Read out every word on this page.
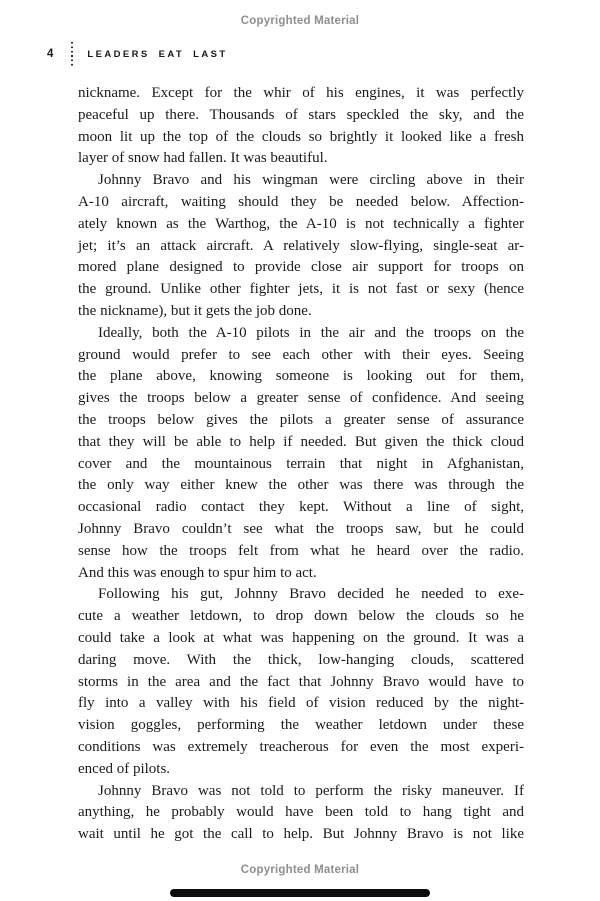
Copyrighted Material
4	LEADERS EAT LAST
nickname. Except for the whir of his engines, it was perfectly
peaceful up there. Thousands of stars speckled the sky, and the
moon lit up the top of the clouds so brightly it looked like a fresh
layer of snow had fallen. It was beautiful.
Johnny Bravo and his wingman were circling above in their
A-10 aircraft, waiting should they be needed below. Affection-
ately known as the Warthog, the A-10 is not technically a fighter
jet; it’s an attack aircraft. A relatively slow-flying, single-seat ar-
mored plane designed to provide close air support for troops on
the ground. Unlike other fighter jets, it is not fast or sexy (hence
the nickname), but it gets the job done.
Ideally, both the A-10 pilots in the air and the troops on the
ground would prefer to see each other with their eyes. Seeing
the plane above, knowing someone is looking out for them,
gives the troops below a greater sense of confidence. And seeing
the troops below gives the pilots a greater sense of assurance
that they will be able to help if needed. But given the thick cloud
cover and the mountainous terrain that night in Afghanistan,
the only way either knew the other was there was through the
occasional radio contact they kept. Without a line of sight,
Johnny Bravo couldn’t see what the troops saw, but he could
sense how the troops felt from what he heard over the radio.
And this was enough to spur him to act.
Following his gut, Johnny Bravo decided he needed to exe-
cute a weather letdown, to drop down below the clouds so he
could take a look at what was happening on the ground. It was a
daring move. With the thick, low-hanging clouds, scattered
storms in the area and the fact that Johnny Bravo would have to
fly into a valley with his field of vision reduced by the night-
vision goggles, performing the weather letdown under these
conditions was extremely treacherous for even the most experi-
enced of pilots.
Johnny Bravo was not told to perform the risky maneuver. If
anything, he probably would have been told to hang tight and
wait until he got the call to help. But Johnny Bravo is not like
Copyrighted Material
